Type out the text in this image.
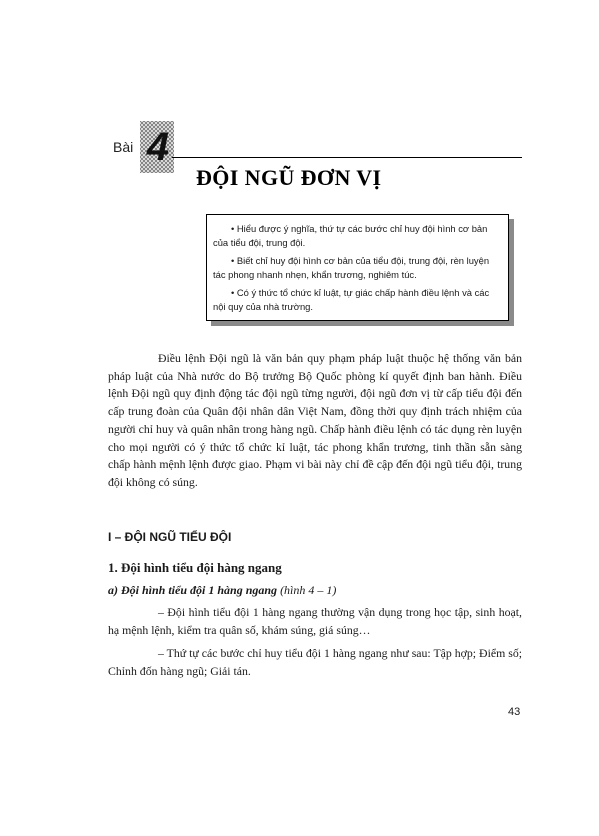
Bài 4
ĐỘI NGŨ ĐƠN VỊ

• Hiểu được ý nghĩa, thứ tự các bước chỉ huy đội hình cơ bản của tiểu đội, trung đội.

• Biết chỉ huy đội hình cơ bản của tiểu đội, trung đội, rèn luyện tác phong nhanh nhẹn, khẩn trương, nghiêm túc.

• Có ý thức tổ chức kỉ luật, tự giác chấp hành điều lệnh và các nội quy của nhà trường.

Điều lệnh Đội ngũ là văn bản quy phạm pháp luật thuộc hệ thống văn bản pháp luật của Nhà nước do Bộ trưởng Bộ Quốc phòng kí quyết định ban hành. Điều lệnh Đội ngũ quy định động tác đội ngũ từng người, đội ngũ đơn vị từ cấp tiểu đội đến cấp trung đoàn của Quân đội nhân dân Việt Nam, đồng thời quy định trách nhiệm của người chỉ huy và quân nhân trong hàng ngũ. Chấp hành điều lệnh có tác dụng rèn luyện cho mọi người có ý thức tổ chức kỉ luật, tác phong khẩn trương, tinh thần sẵn sàng chấp hành mệnh lệnh được giao. Phạm vi bài này chỉ đề cập đến đội ngũ tiểu đội, trung đội không có súng.

I – ĐỘI NGŨ TIỂU ĐỘI
1. Đội hình tiểu đội hàng ngang
a) Đội hình tiểu đội 1 hàng ngang (hình 4 – 1)

– Đội hình tiểu đội 1 hàng ngang thường vận dụng trong học tập, sinh hoạt, hạ mệnh lệnh, kiểm tra quân số, khám súng, giá súng…

– Thứ tự các bước chỉ huy tiểu đội 1 hàng ngang như sau: Tập hợp; Điểm số; Chỉnh đốn hàng ngũ; Giải tán.

43
